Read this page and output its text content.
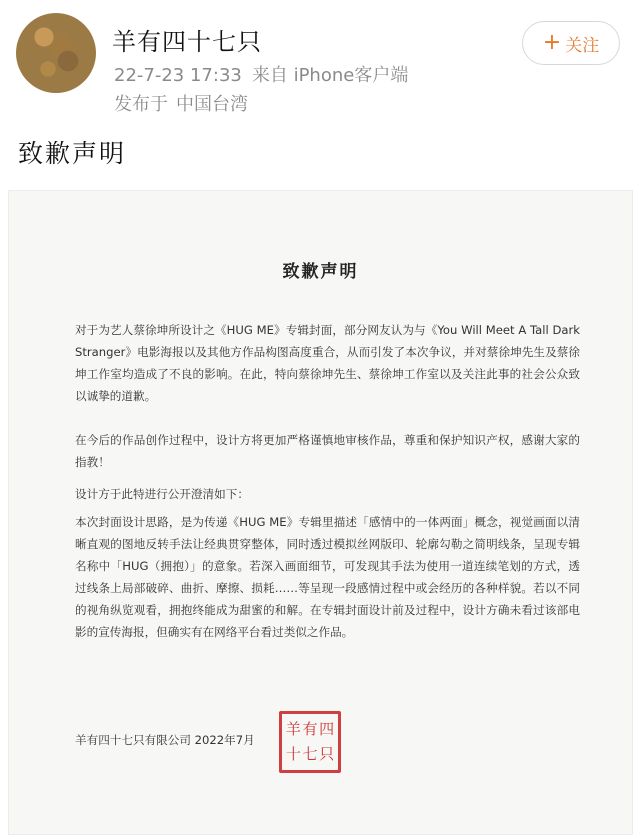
羊有四十七只
22-7-23 17:33 来自 iPhone客户端
发布于 中国台湾
+ 关注
致歉声明
致歉声明

对于为艺人蔡徐坤所设计之《HUG ME》专辑封面，部分网友认为与《You Will Meet A Tall Dark Stranger》电影海报以及其他方作品构图高度重合，从而引发了本次争议，并对蔡徐坤先生及蔡徐坤工作室均造成了不良的影响。在此，特向蔡徐坤先生、蔡徐坤工作室以及关注此事的社会公众致以诚挚的道歉。

在今后的作品创作过程中，设计方将更加严格谨慎地审核作品，尊重和保护知识产权，感谢大家的指教！

设计方于此特进行公开澄清如下：

本次封面设计思路，是为传递《HUG ME》专辑里描述「感情中的一体两面」概念，视觉画面以清晰直观的图地反转手法让经典贯穿整体，同时透过模拟丝网版印、轮廓勾勒之简明线条，呈现专辑名称中「HUG（拥抱）」的意象。若深入画面细节，可发现其手法为使用一道连续笔划的方式，透过线条上局部破碎、曲折、摩擦、损耗……等呈现一段感情过程中或会经历的各种样貌。若以不同的视角纵览观看，拥抱终能成为甜蜜的和解。在专辑封面设计前及过程中，设计方确未看过该部电影的宣传海报，但确实有在网络平台看过类似之作品。

羊有四十七只有限公司 2022年7月
羊 有 四
十 七 只
